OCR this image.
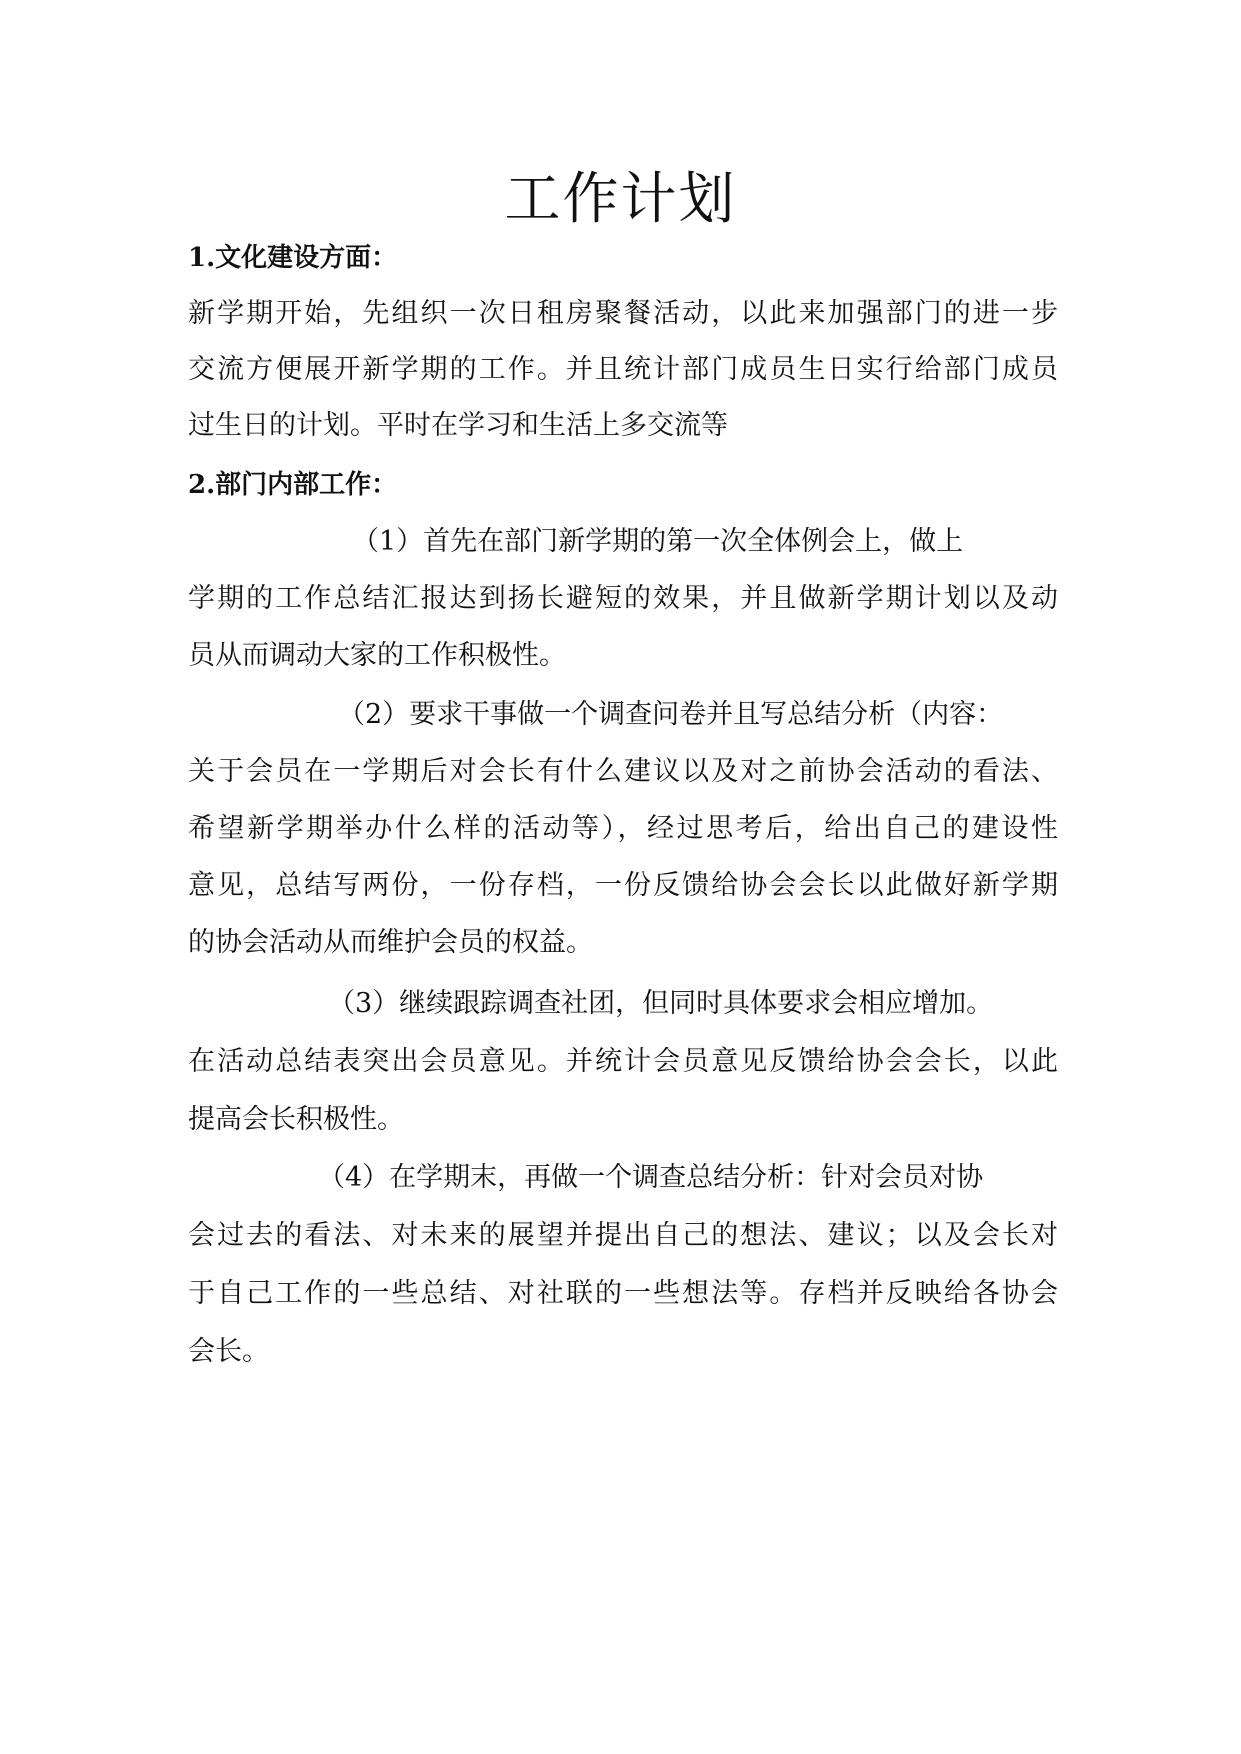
工作计划
1.文化建设方面：
新学期开始，先组织一次日租房聚餐活动，以此来加强部门的进一步
交流方便展开新学期的工作。并且统计部门成员生日实行给部门成员
过生日的计划。平时在学习和生活上多交流等
2.部门内部工作：
（1）首先在部门新学期的第一次全体例会上，做上
学期的工作总结汇报达到扬长避短的效果，并且做新学期计划以及动
员从而调动大家的工作积极性。
（2）要求干事做一个调查问卷并且写总结分析（内容：
关于会员在一学期后对会长有什么建议以及对之前协会活动的看法、
希望新学期举办什么样的活动等），经过思考后，给出自己的建设性
意见，总结写两份，一份存档，一份反馈给协会会长以此做好新学期
的协会活动从而维护会员的权益。
（3）继续跟踪调查社团，但同时具体要求会相应增加。
在活动总结表突出会员意见。并统计会员意见反馈给协会会长，以此
提高会长积极性。
（4）在学期末，再做一个调查总结分析：针对会员对协
会过去的看法、对未来的展望并提出自己的想法、建议；以及会长对
于自己工作的一些总结、对社联的一些想法等。存档并反映给各协会
会长。
